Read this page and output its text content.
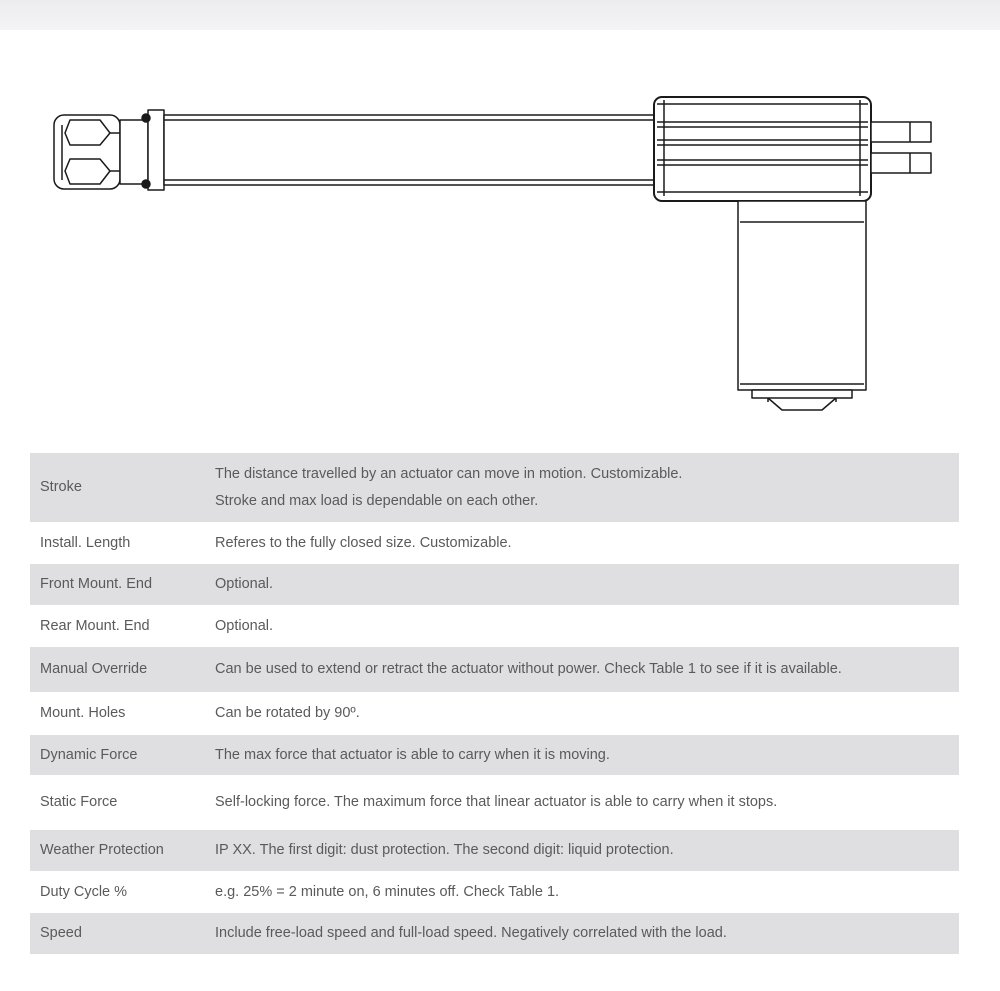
Stroke	The distance travelled by an actuator can move in motion. Customizable.
Stroke and max load is dependable on each other.

Install. Length	Referes to the fully closed size. Customizable.

Front Mount. End	Optional.

Rear Mount. End	Optional.

Manual Override	Can be used to extend or retract the actuator without power. Check Table 1 to see if it is available.

Mount. Holes	Can be rotated by 90º.

Dynamic Force	The max force that actuator is able to carry when it is moving.

Static Force	Self-locking force. The maximum force that linear actuator is able to carry when it stops.

Weather Protection	IP XX. The first digit: dust protection. The second digit: liquid protection.

Duty Cycle %	e.g. 25% = 2 minute on, 6 minutes off. Check Table 1.

Speed	Include free-load speed and full-load speed. Negatively correlated with the load.
